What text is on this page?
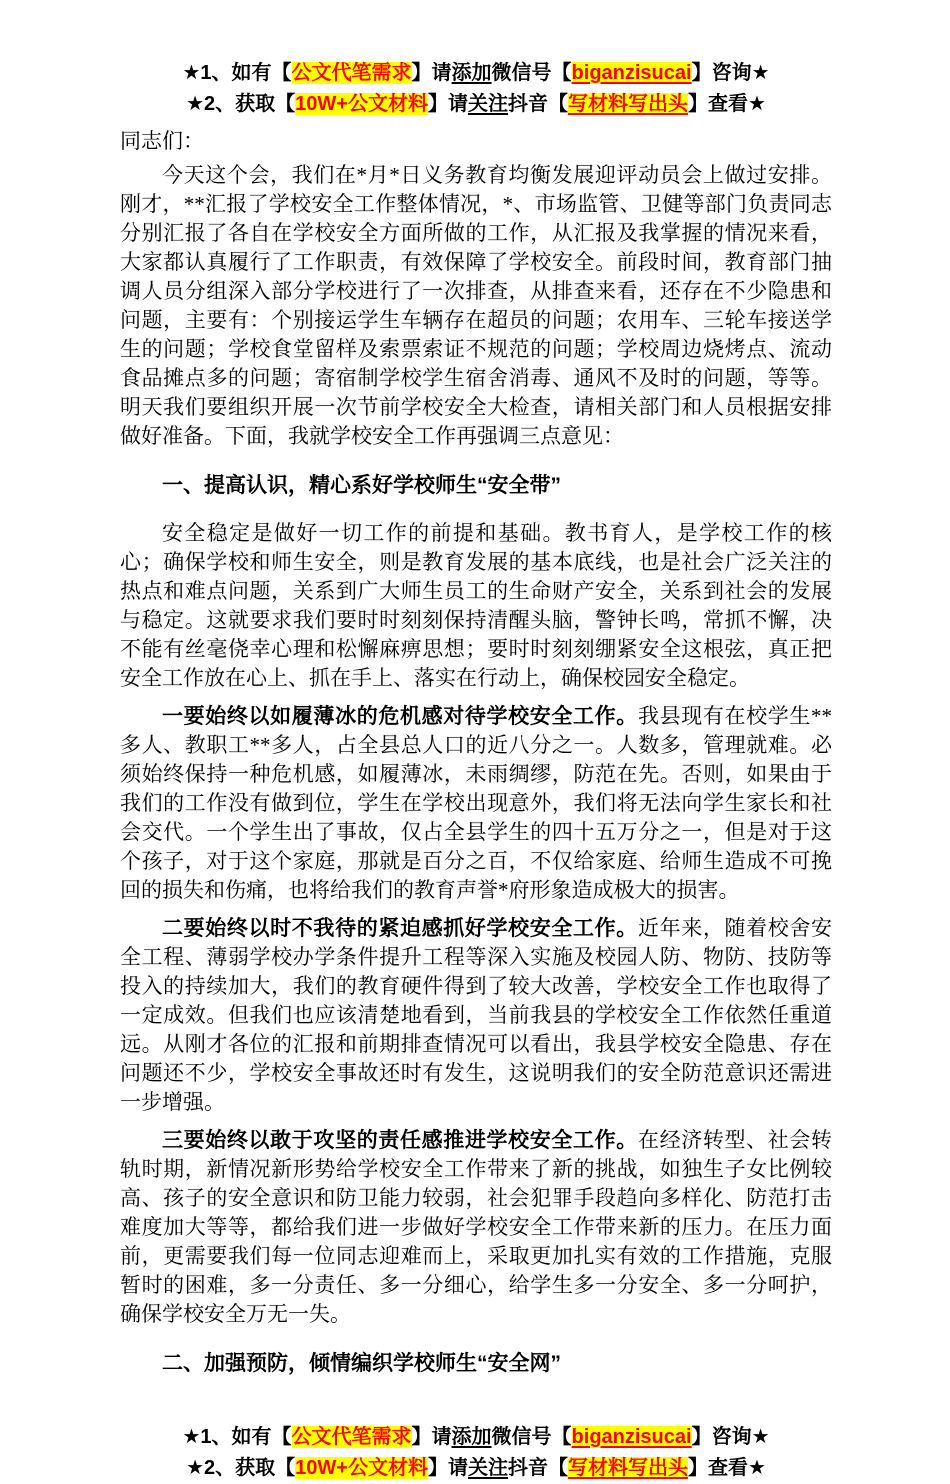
★1、如有【公文代笔需求】请添加微信号【biganzisucai】咨询★

★2、获取【10W+公文材料】请关注抖音【写材料写出头】查看★

同志们：

今天这个会，我们在*月*日义务教育均衡发展迎评动员会上做过安排。刚才，**汇报了学校安全工作整体情况，*、市场监管、卫健等部门负责同志分别汇报了各自在学校安全方面所做的工作，从汇报及我掌握的情况来看，大家都认真履行了工作职责，有效保障了学校安全。前段时间，教育部门抽调人员分组深入部分学校进行了一次排查，从排查来看，还存在不少隐患和问题，主要有：个别接运学生车辆存在超员的问题；农用车、三轮车接送学生的问题；学校食堂留样及索票索证不规范的问题；学校周边烧烤点、流动食品摊点多的问题；寄宿制学校学生宿舍消毒、通风不及时的问题，等等。明天我们要组织开展一次节前学校安全大检查，请相关部门和人员根据安排做好准备。下面，我就学校安全工作再强调三点意见：

一、提高认识，精心系好学校师生“安全带”

安全稳定是做好一切工作的前提和基础。教书育人，是学校工作的核心；确保学校和师生安全，则是教育发展的基本底线，也是社会广泛关注的热点和难点问题，关系到广大师生员工的生命财产安全，关系到社会的发展与稳定。这就要求我们要时时刻刻保持清醒头脑，警钟长鸣，常抓不懈，决不能有丝毫侥幸心理和松懈麻痹思想；要时时刻刻绷紧安全这根弦，真正把安全工作放在心上、抓在手上、落实在行动上，确保校园安全稳定。

一要始终以如履薄冰的危机感对待学校安全工作。我县现有在校学生**多人、教职工**多人，占全县总人口的近八分之一。人数多，管理就难。必须始终保持一种危机感，如履薄冰，未雨绸缪，防范在先。否则，如果由于我们的工作没有做到位，学生在学校出现意外，我们将无法向学生家长和社会交代。一个学生出了事故，仅占全县学生的四十五万分之一，但是对于这个孩子，对于这个家庭，那就是百分之百，不仅给家庭、给师生造成不可挽回的损失和伤痛，也将给我们的教育声誉*府形象造成极大的损害。

二要始终以时不我待的紧迫感抓好学校安全工作。近年来，随着校舍安全工程、薄弱学校办学条件提升工程等深入实施及校园人防、物防、技防等投入的持续加大，我们的教育硬件得到了较大改善，学校安全工作也取得了一定成效。但我们也应该清楚地看到，当前我县的学校安全工作依然任重道远。从刚才各位的汇报和前期排查情况可以看出，我县学校安全隐患、存在问题还不少，学校安全事故还时有发生，这说明我们的安全防范意识还需进一步增强。

三要始终以敢于攻坚的责任感推进学校安全工作。在经济转型、社会转轨时期，新情况新形势给学校安全工作带来了新的挑战，如独生子女比例较高、孩子的安全意识和防卫能力较弱，社会犯罪手段趋向多样化、防范打击难度加大等等，都给我们进一步做好学校安全工作带来新的压力。在压力面前，更需要我们每一位同志迎难而上，采取更加扎实有效的工作措施，克服暂时的困难，多一分责任、多一分细心，给学生多一分安全、多一分呵护，确保学校安全万无一失。

二、加强预防，倾情编织学校师生“安全网”

★1、如有【公文代笔需求】请添加微信号【biganzisucai】咨询★

★2、获取【10W+公文材料】请关注抖音【写材料写出头】查看★
